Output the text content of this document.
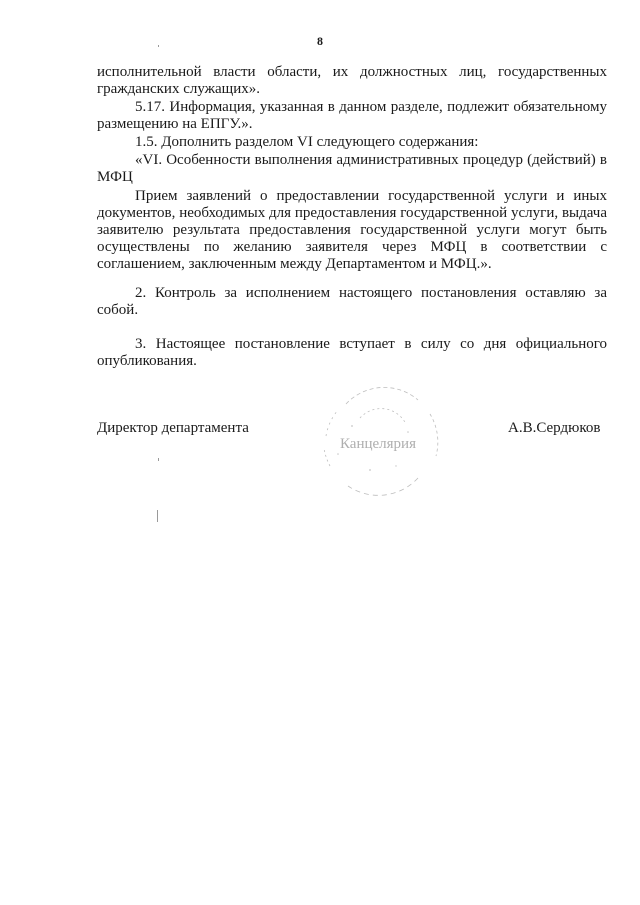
8

исполнительной власти области, их должностных лиц, государственных гражданских служащих».

5.17. Информация, указанная в данном разделе, подлежит обязательному размещению на ЕПГУ.».

1.5. Дополнить разделом VI следующего содержания:

«VI. Особенности выполнения административных процедур (действий) в МФЦ

Прием заявлений о предоставлении государственной услуги и иных документов, необходимых для предоставления государственной услуги, выдача заявителю результата предоставления государственной услуги могут быть осуществлены по желанию заявителя через МФЦ в соответствии с соглашением, заключенным между Департаментом и МФЦ.».

2. Контроль за исполнением настоящего постановления оставляю за собой.

3. Настоящее постановление вступает в силу со дня официального опубликования.

Директор департамента	А.В.Сердюков
Канцелярия
